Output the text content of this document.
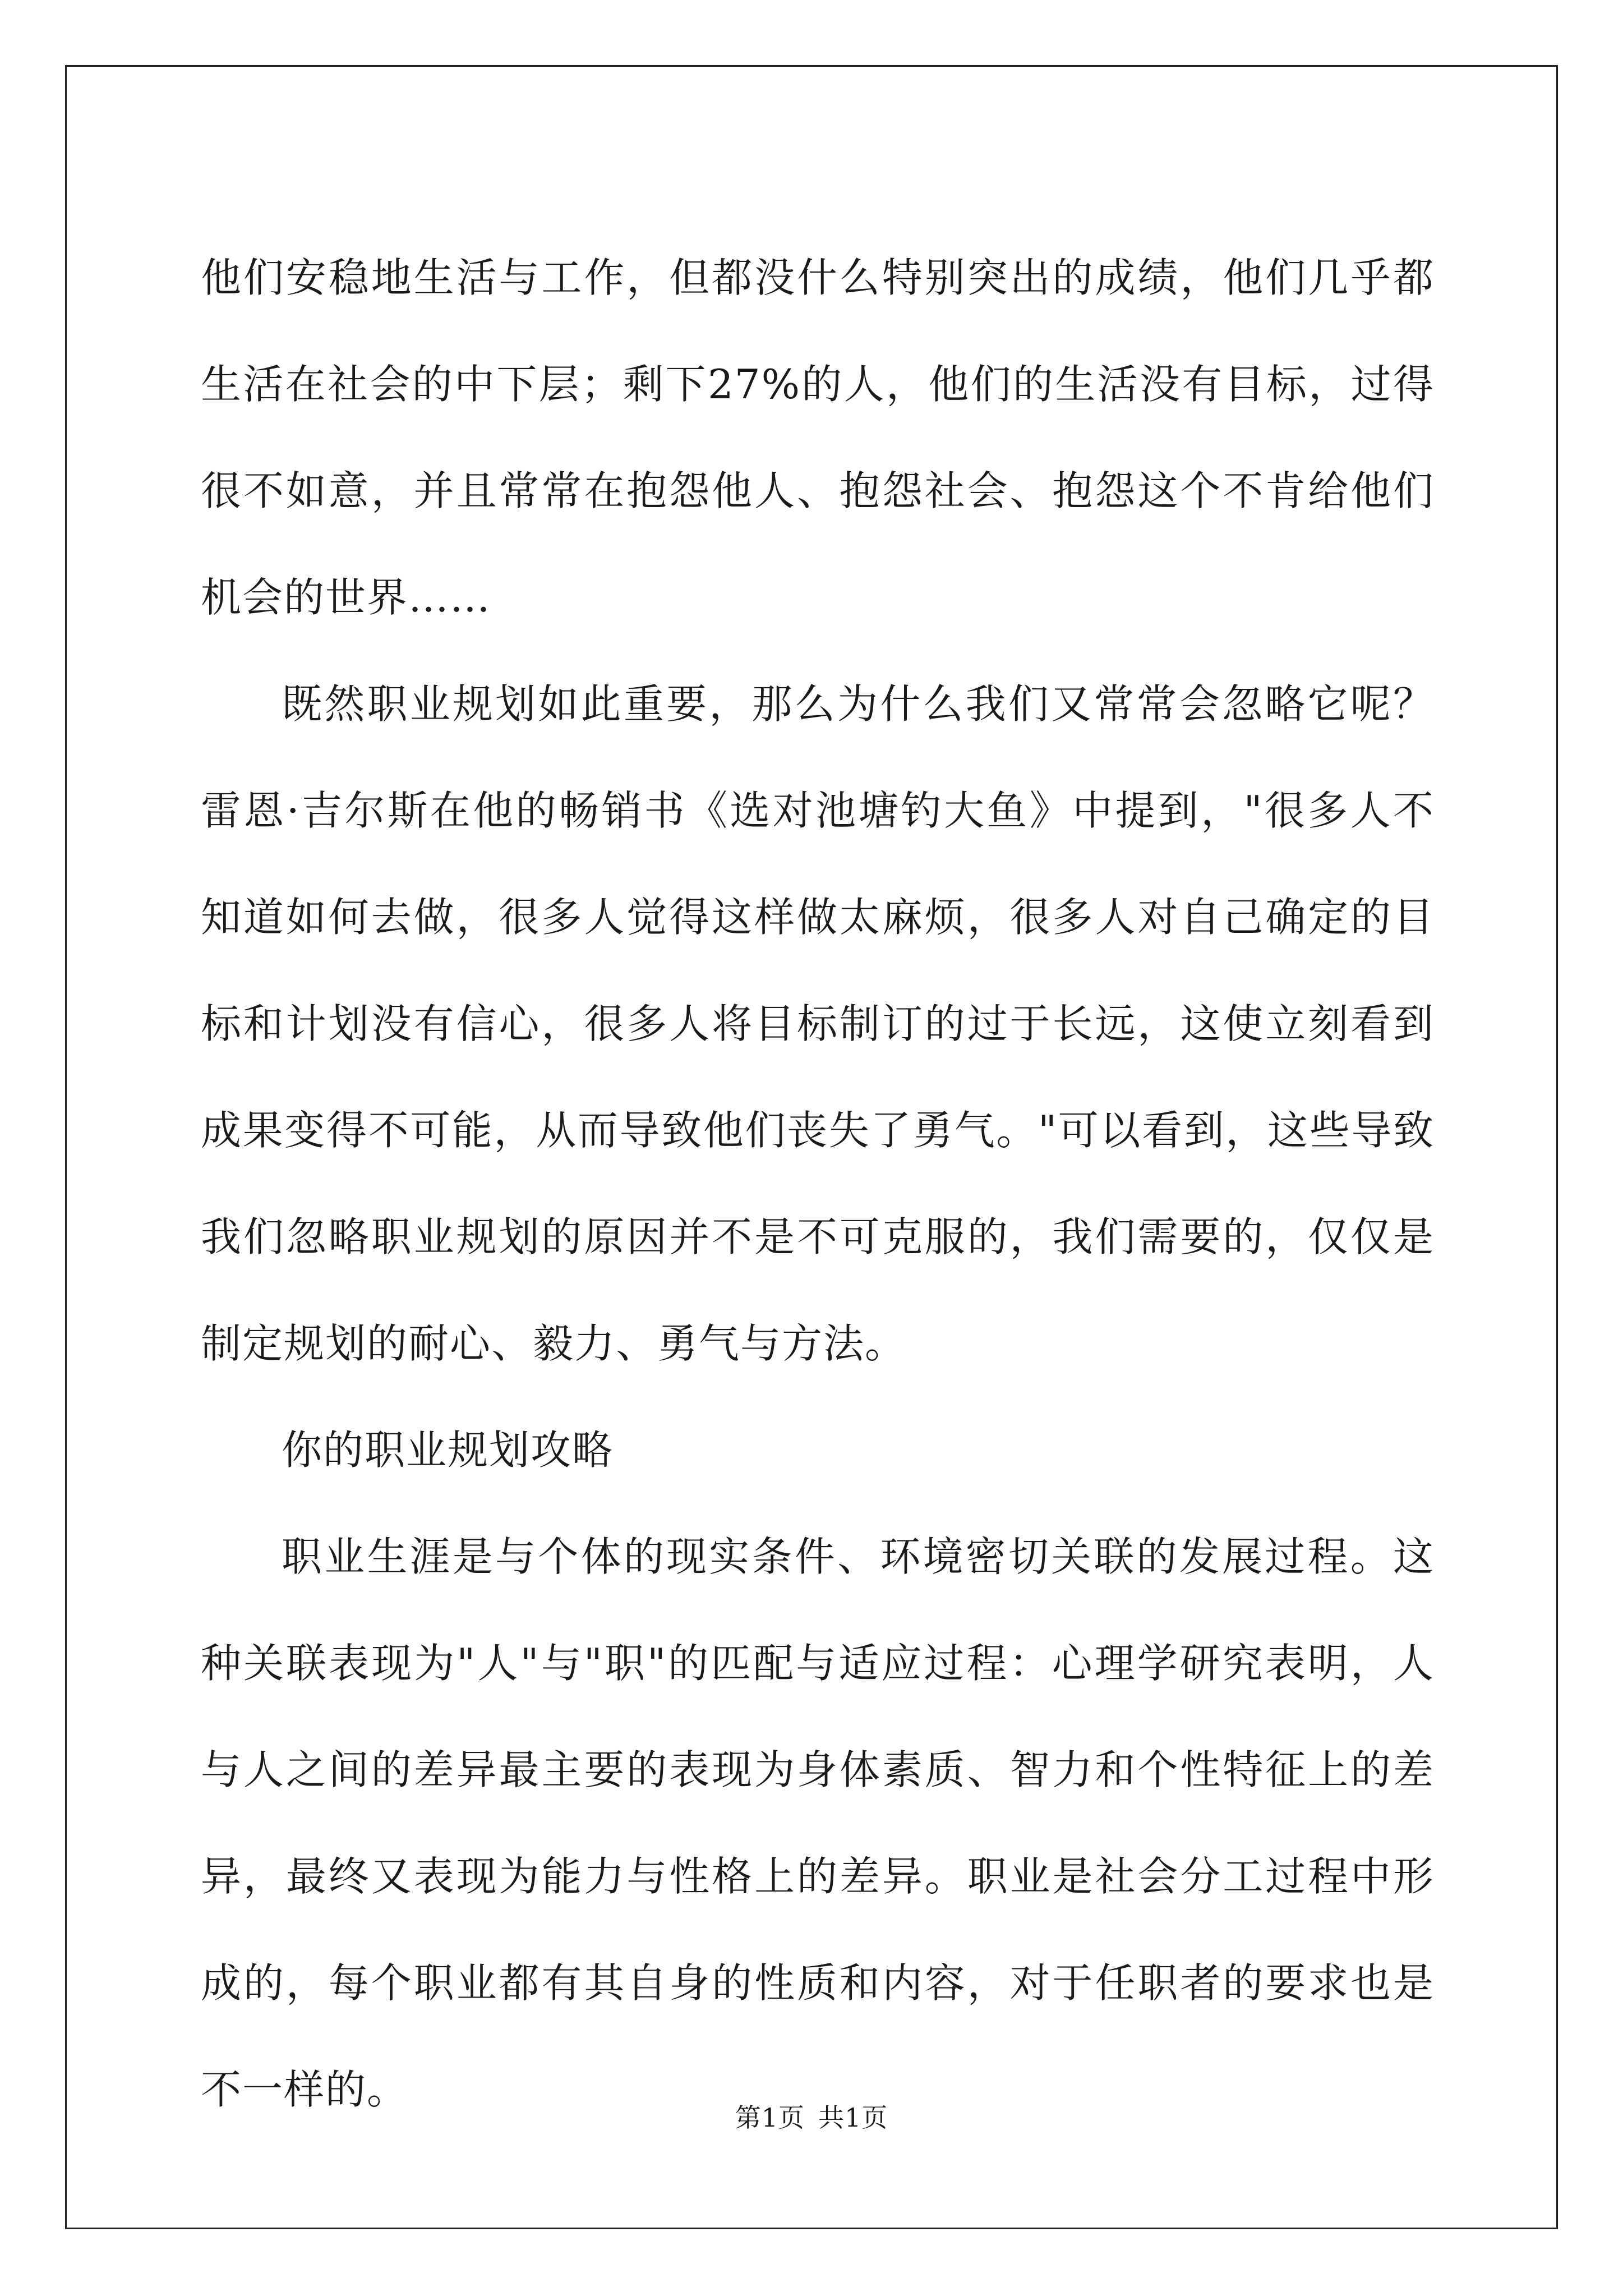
他们安稳地生活与工作，但都没什么特别突出的成绩，他们几乎都生活在社会的中下层；剩下27%的人，他们的生活没有目标，过得很不如意，并且常常在抱怨他人、抱怨社会、抱怨这个不肯给他们机会的世界……

既然职业规划如此重要，那么为什么我们又常常会忽略它呢？雷恩·吉尔斯在他的畅销书《选对池塘钓大鱼》中提到，"很多人不知道如何去做，很多人觉得这样做太麻烦，很多人对自己确定的目标和计划没有信心，很多人将目标制订的过于长远，这使立刻看到成果变得不可能，从而导致他们丧失了勇气。"可以看到，这些导致我们忽略职业规划的原因并不是不可克服的，我们需要的，仅仅是制定规划的耐心、毅力、勇气与方法。

你的职业规划攻略

职业生涯是与个体的现实条件、环境密切关联的发展过程。这种关联表现为"人"与"职"的匹配与适应过程：心理学研究表明，人与人之间的差异最主要的表现为身体素质、智力和个性特征上的差异，最终又表现为能力与性格上的差异。职业是社会分工过程中形成的，每个职业都有其自身的性质和内容，对于任职者的要求也是不一样的。

第1页 共1页
